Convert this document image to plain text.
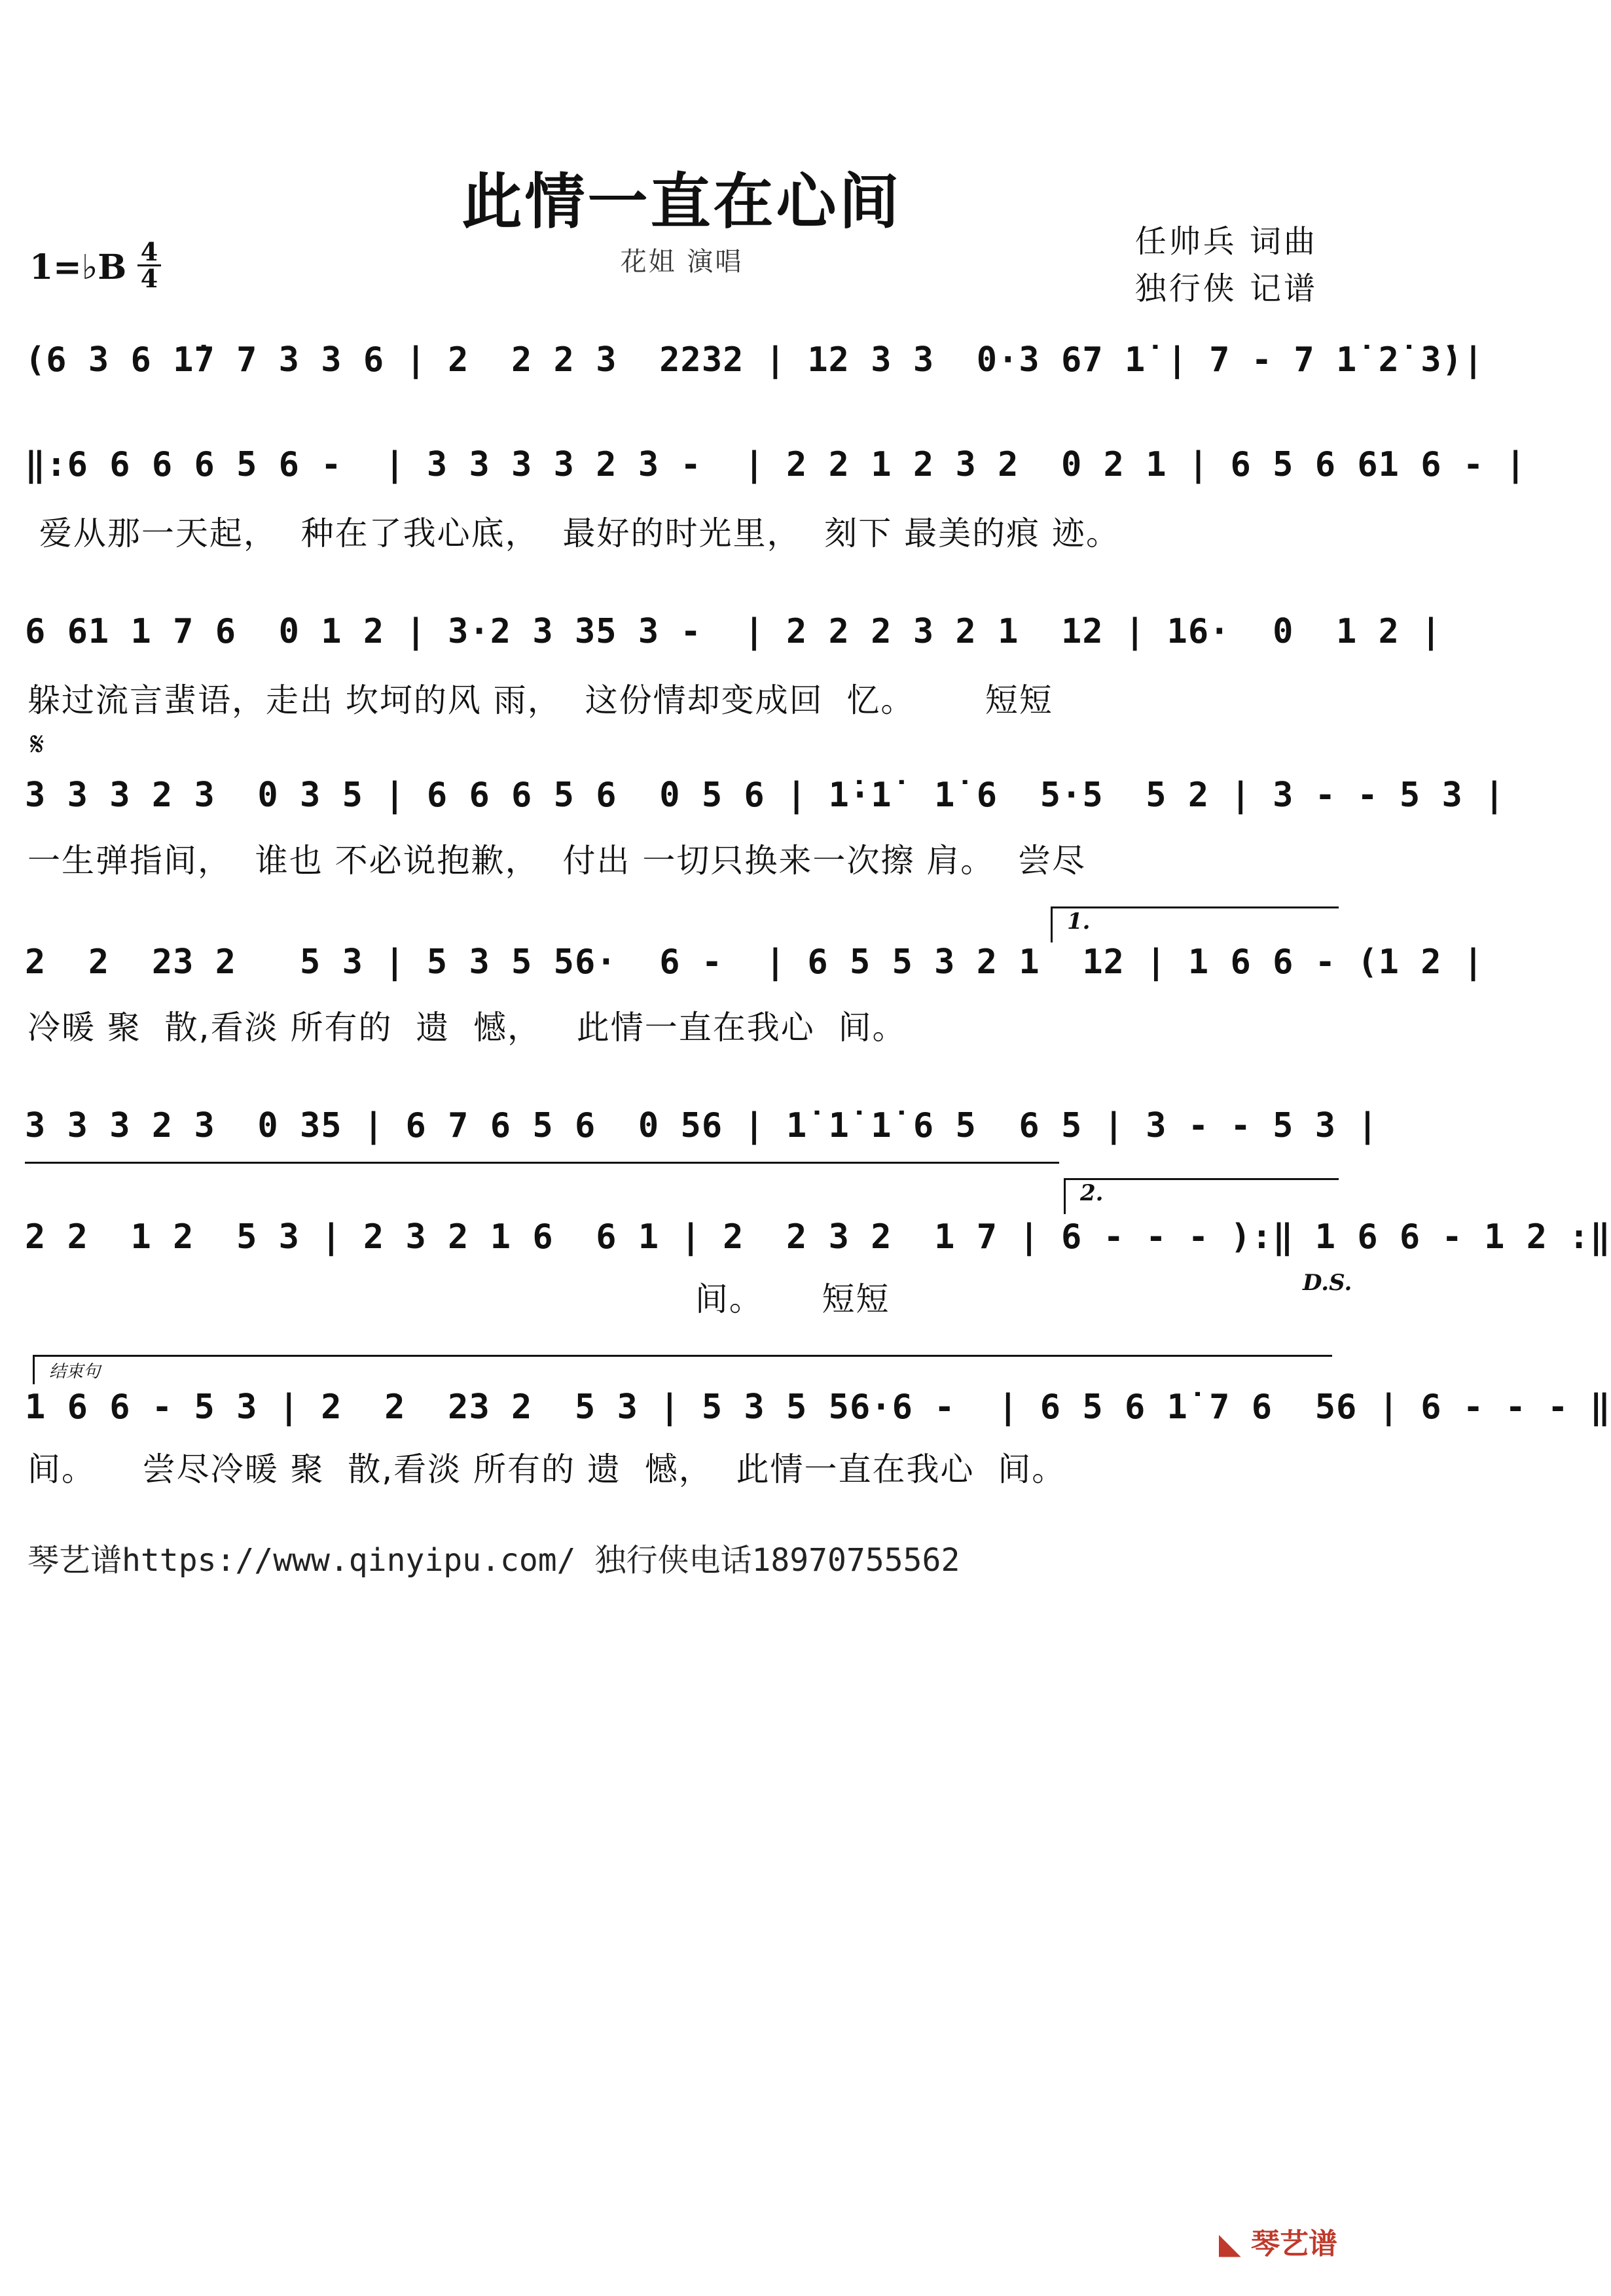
此情一直在心间
花姐 演唱
任帅兵 词曲
独行侠 记谱
1=♭B 4
4
(6 3 6 1̇7 7 3 3 6 | 2  2 2 3  2232 | 12 3 3  0·3 67 1̇ | 7 - 7 1̇ 2̇ 3̇)|
‖:6 6 6 6 5 6 -  | 3 3 3 3 2 3 -  | 2 2 1 2 3 2  0 2 1 | 6 5 6 61 6 - |
爱从那一天起，  种在了我心底，  最好的时光里，  刻下 最美的痕 迹。
6 61 1 7 6  0 1 2 | 3·2 3 35 3 -  | 2 2 2 3 2 1  12 | 16·  0  1 2 |
躲过流言蜚语，走出 坎坷的风 雨，  这份情却变成回  忆。      短短
𝄋
3 3 3 2 3  0 3 5 | 6 6 6 5 6  0 5 6 | 1̇·1̇  1̇ 6  5·5  5 2 | 3 - - 5 3 |
一生弹指间，  谁也 不必说抱歉，  付出 一切只换来一次擦 肩。  尝尽
1.
2  2  23 2   5 3 | 5 3 5 56·  6 -  | 6 5 5 3 2 1  12 | 1 6 6 - (1 2 |
冷暖 聚  散,看淡 所有的  遗  憾，   此情一直在我心  间。
3 3 3 2 3  0 35 | 6 7 6 5 6  0 56 | 1̇ 1̇ 1̇ 6 5  6 5 | 3 - - 5 3 |
2.
2 2  1 2  5 3 | 2 3 2 1 6  6 1 | 2  2 3 2  1 7 | 6 - - - ):‖ 1 6 6 - 1 2 :‖
间。     短短	D.S.
结束句
1 6 6 - 5 3 | 2  2  23 2  5 3 | 5 3 5 56·6 -  | 6 5 6 1̇ 7 6  56 | 6 - - - ‖
间。    尝尽冷暖 聚  散,看淡 所有的 遗  憾，  此情一直在我心  间。
琴艺谱https://www.qinyipu.com/ 独行侠电话18970755562
◣ 琴艺谱
